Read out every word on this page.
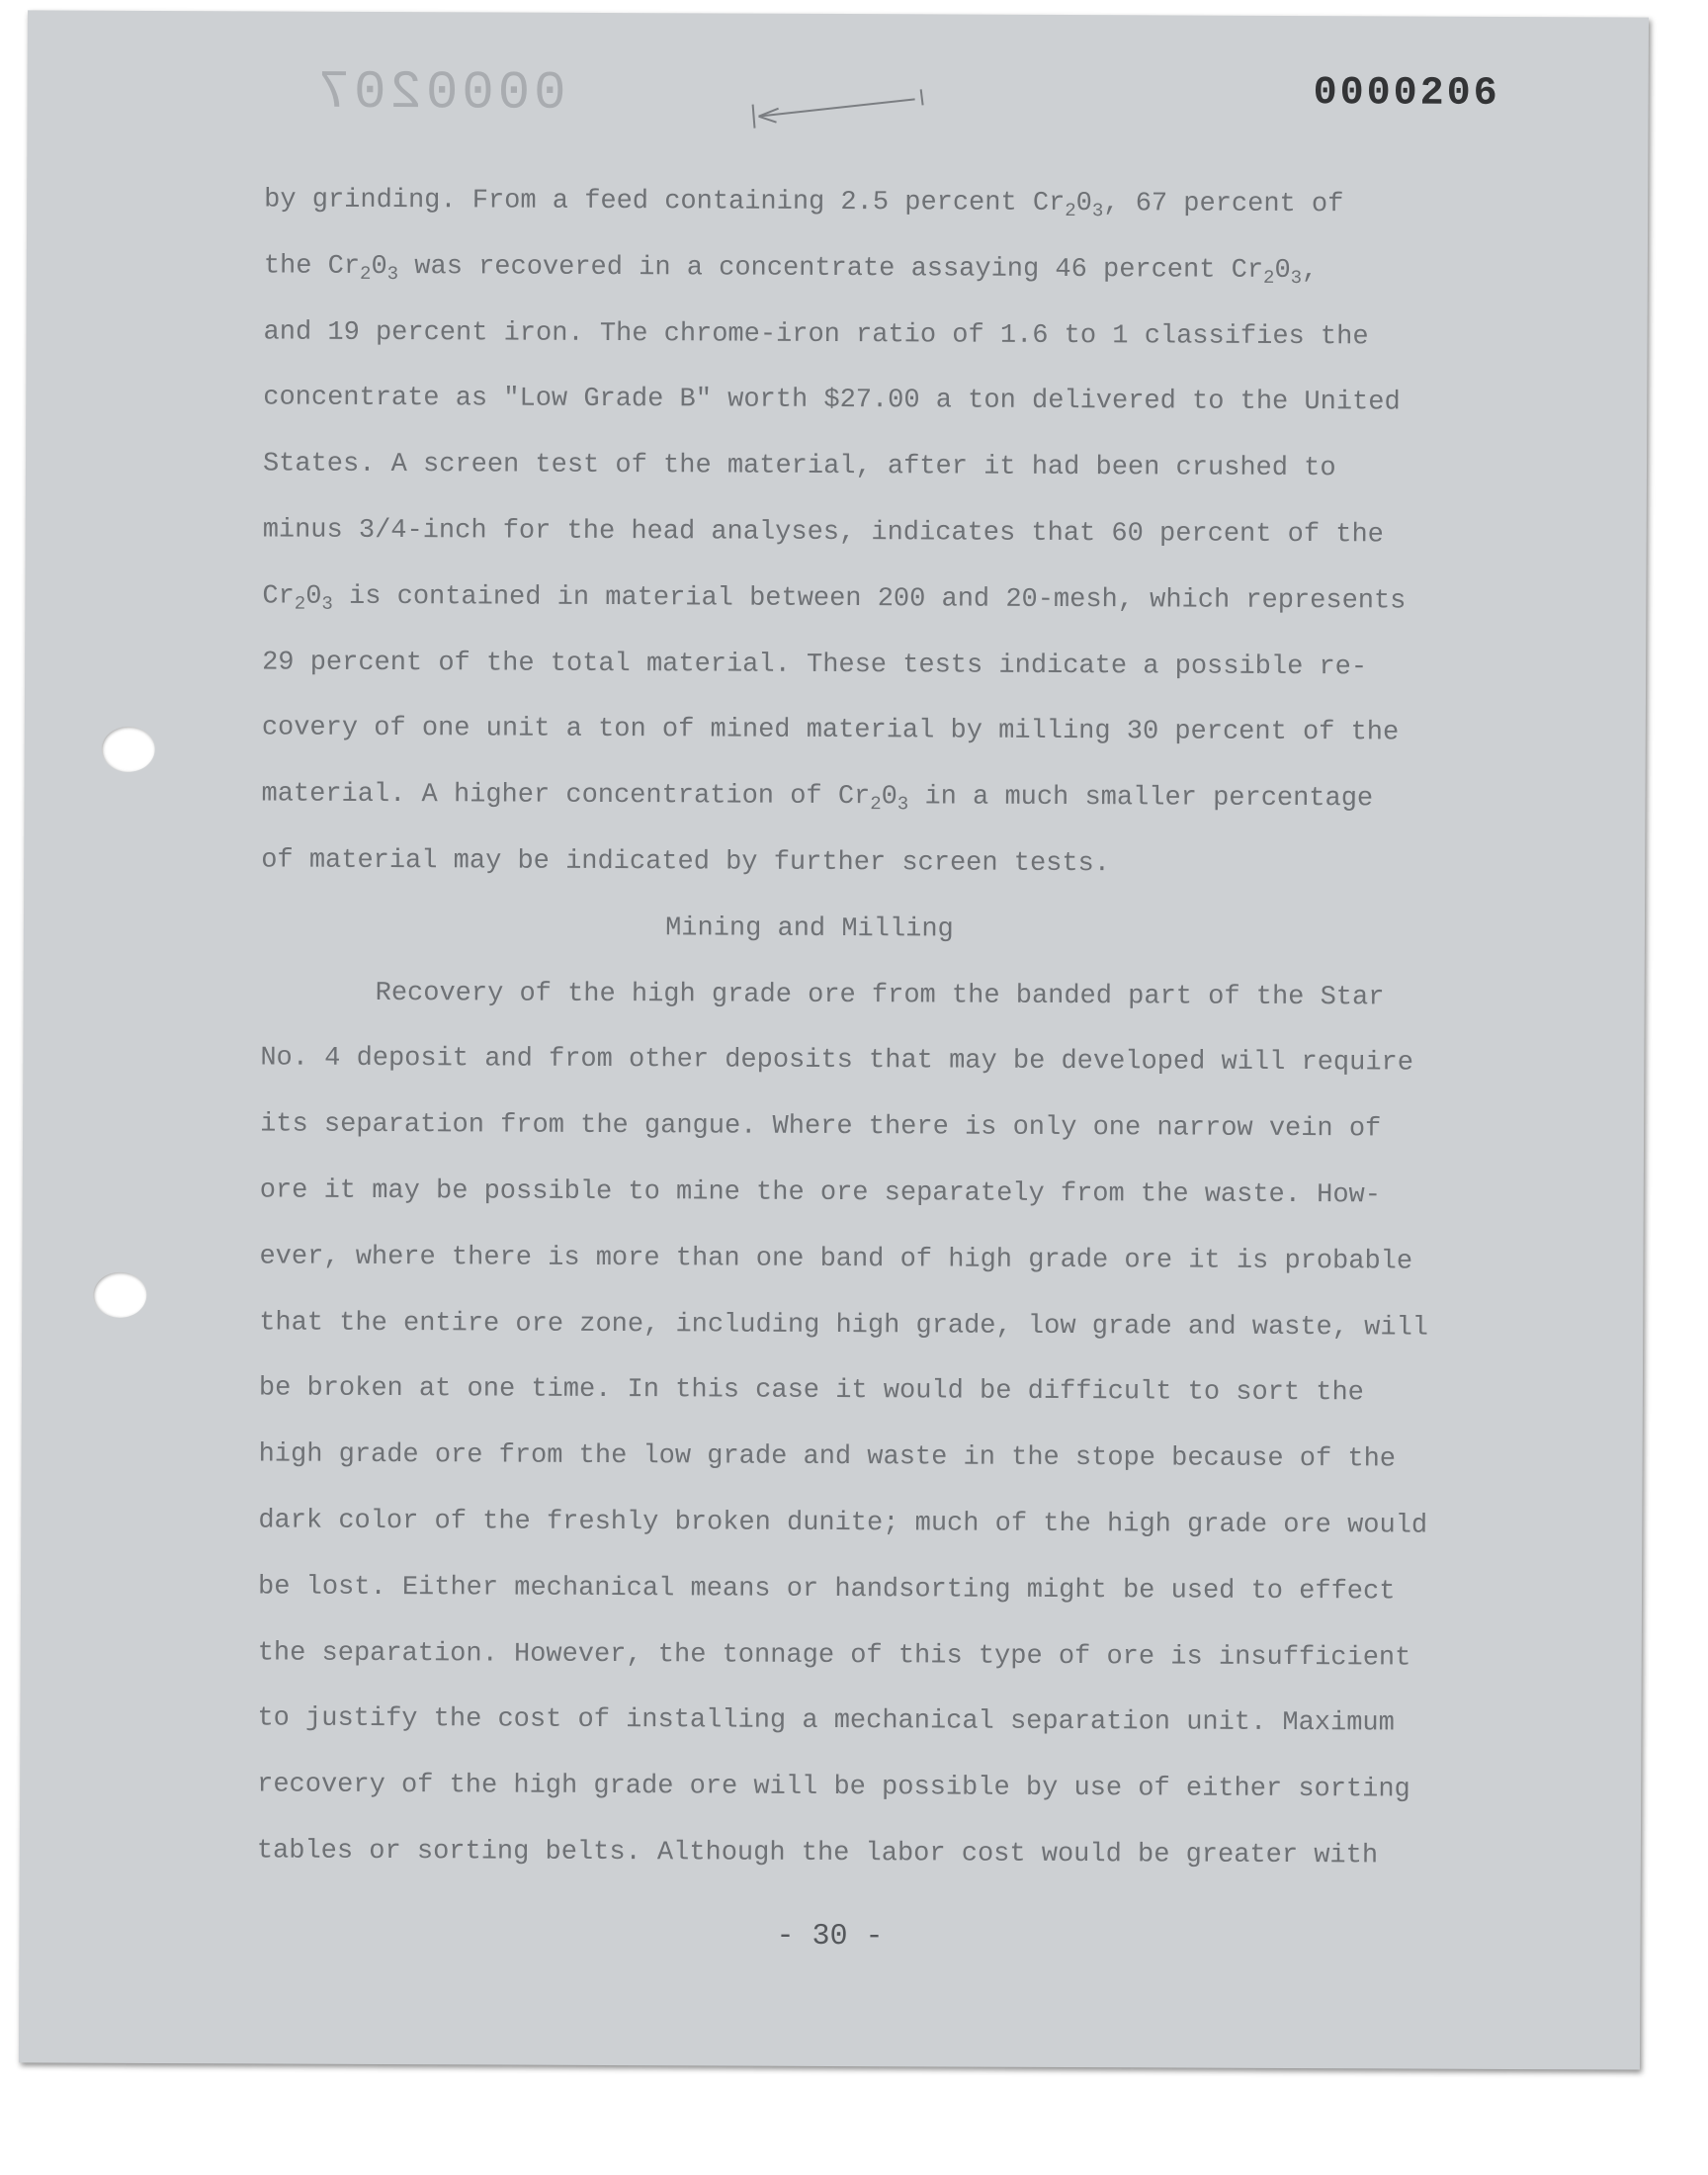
0000207	0000206
by grinding. From a feed containing 2.5 percent $Cr_20_3$, 67 percent of
the $Cr_20_3$ was recovered in a concentrate assaying 46 percent $Cr_20_3$,
and 19 percent iron. The chrome-iron ratio of 1.6 to 1 classifies the
concentrate as "Low Grade B" worth $27.00 a ton delivered to the United
States. A screen test of the material, after it had been crushed to
minus 3/4-inch for the head analyses, indicates that 60 percent of the
$Cr_20_3$ is contained in material between 200 and 20-mesh, which represents
29 percent of the total material. These tests indicate a possible re-
covery of one unit a ton of mined material by milling 30 percent of the
material. A higher concentration of $Cr_20_3$ in a much smaller percentage
of material may be indicated by further screen tests.
Mining and Milling
Recovery of the high grade ore from the banded part of the Star
No. 4 deposit and from other deposits that may be developed will require
its separation from the gangue. Where there is only one narrow vein of
ore it may be possible to mine the ore separately from the waste. How-
ever, where there is more than one band of high grade ore it is probable
that the entire ore zone, including high grade, low grade and waste, will
be broken at one time. In this case it would be difficult to sort the
high grade ore from the low grade and waste in the stope because of the
dark color of the freshly broken dunite; much of the high grade ore would
be lost. Either mechanical means or handsorting might be used to effect
the separation. However, the tonnage of this type of ore is insufficient
to justify the cost of installing a mechanical separation unit. Maximum
recovery of the high grade ore will be possible by use of either sorting
tables or sorting belts. Although the labor cost would be greater with
- 30 -
